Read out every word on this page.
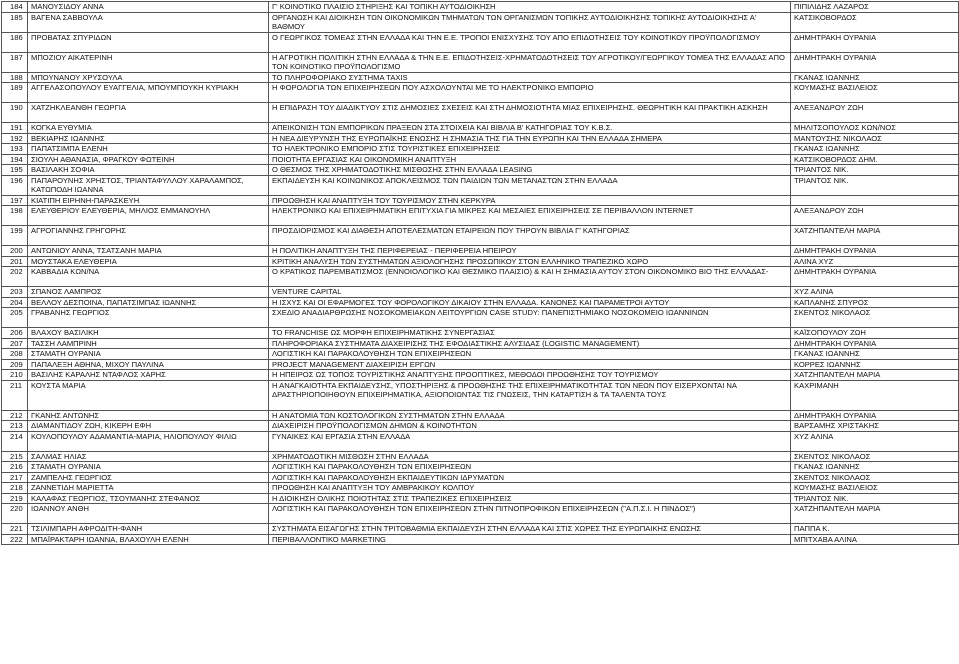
184	ΜΑΝΟΥΣΙΔΟΥ ΑΝΝΑ	Γ' ΚΟΙΝΟΤΙΚΟ ΠΛΑΙΣΙΟ ΣΤΗΡΙΞΗΣ ΚΑΙ ΤΟΠΙΚΗ ΑΥΤΟΔΙΟΙΚΗΣΗ	ΠΙΠΙΛΙΔΗΣ ΛΑΖΑΡΟΣ
185	ΒΑΓΕΝΑ ΣΑΒΒΟΥΛΑ	ΟΡΓΑΝΩΣΗ ΚΑΙ ΔΙΟΙΚΗΣΗ ΤΩΝ ΟΙΚΟΝΟΜΙΚΩΝ ΤΜΗΜΑΤΩΝ ΤΩΝ ΟΡΓΑΝΙΣΜΩΝ ΤΟΠΙΚΗΣ ΑΥΤΟΔΙΟΙΚΗΣΗΣ ΤΟΠΙΚΗΣ ΑΥΤΟΔΙΟΙΚΗΣΗΣ Α' ΒΑΘΜΟΥ	ΚΑΤΣΙΚΟΒΟΡΔΟΣ
186	ΠΡΟΒΑΤΑΣ ΣΠΥΡΙΔΩΝ	Ο ΓΕΩΡΓΙΚΟΣ ΤΟΜΕΑΣ ΣΤΗΝ ΕΛΛΑΔΑ ΚΑΙ ΤΗΝ Ε.Ε. ΤΡΟΠΟΙ ΕΝΙΣΧΥΣΗΣ ΤΟΥ ΑΠΟ ΕΠΙΔΟΤΗΣΕΙΣ ΤΟΥ ΚΟΙΝΟΤΙΚΟΥ ΠΡΟΫΠΟΛΟΓΙΣΜΟΥ	ΔΗΜΗΤΡΑΚΗ ΟΥΡΑΝΙΑ
187	ΜΠΟΖΙΟΥ ΑΙΚΑΤΕΡΙΝΗ	Η ΑΓΡΟΤΙΚΗ ΠΟΛΙΤΙΚΗ ΣΤΗΝ ΕΛΛΑΔΑ & ΤΗΝ Ε.Ε. ΕΠΙΔΟΤΗΣΕΙΣ-ΧΡΗΜΑΤΟΔΟΤΗΣΕΙΣ ΤΟΥ ΑΓΡΟΤΙΚΟΥ/ΓΕΩΡΓΙΚΟΥ ΤΟΜΕΑ ΤΗΣ ΕΛΛΑΔΑΣ ΑΠΟ ΤΟΝ ΚΟΙΝΟΤΙΚΟ ΠΡΟΫΠΟΛΟΓΙΣΜΟ	ΔΗΜΗΤΡΑΚΗ ΟΥΡΑΝΙΑ
188	ΜΠΟΥΝΑΝΟΥ ΧΡΥΣΟΥΛΑ	ΤΟ ΠΛΗΡΟΦΟΡΙΑΚΟ ΣΥΣΤΗΜΑ TAXIS	ΓΚΑΝΑΣ ΙΩΑΝΝΗΣ
189	ΑΓΓΕΛΑΣΟΠΟΥΛΟΥ ΕΥΑΓΓΕΛΙΑ, ΜΠΟΥΜΠΟΥΚΗ ΚΥΡΙΑΚΗ	Η ΦΟΡΟΛΟΓΙΑ ΤΩΝ ΕΠΙΧΕΙΡΗΣΕΩΝ ΠΟΥ ΑΣΧΟΛΟΥΝΤΑΙ ΜΕ ΤΟ ΗΛΕΚΤΡΟΝΙΚΟ ΕΜΠΟΡΙΟ	ΚΟΥΜΑΣΗΣ ΒΑΣΙΛΕΙΟΣ
190	ΧΑΤΖΗΚΛΕΑΝΘΗ ΓΕΩΡΓΙΑ	Η ΕΠΙΔΡΑΣΗ ΤΟΥ ΔΙΑΔΙΚΤΥΟΥ ΣΤΙΣ ΔΗΜΟΣΙΕΣ ΣΧΕΣΕΙΣ ΚΑΙ ΣΤΗ ΔΗΜΟΣΙΟΤΗΤΑ ΜΙΑΣ ΕΠΙΧΕΙΡΗΣΗΣ. ΘΕΩΡΗΤΙΚΗ ΚΑΙ ΠΡΑΚΤΙΚΗ ΑΣΚΗΣΗ	ΑΛΕΞΑΝΔΡΟΥ ΖΩΗ
191	ΚΟΓΚΑ ΕΥΘΥΜΙΑ	ΑΠΕΙΚΟΝΙΣΗ ΤΩΝ ΕΜΠΟΡΙΚΩΝ ΠΡΑΞΕΩΝ ΣΤΑ ΣΤΟΙΧΕΙΑ ΚΑΙ ΒΙΒΛΙΑ Β' ΚΑΤΗΓΟΡΙΑΣ ΤΟΥ Κ.Β.Σ.	ΜΗΛΙΤΣΟΠΟΥΛΟΣ ΚΩΝ/ΝΟΣ
192	ΒΕΚΙΑΡΗΣ ΙΩΑΝΝΗΣ	Η ΝΕΑ ΔΙΕΥΡΥΝΣΗ ΤΗΣ ΕΥΡΩΠΑΪΚΗΣ ΕΝΩΣΗΣ Η ΣΗΜΑΣΙΑ ΤΗΣ ΓΙΑ ΤΗΝ ΕΥΡΩΠΗ ΚΑΙ ΤΗΝ ΕΛΛΑΔΑ ΣΗΜΕΡΑ	ΜΑΝΤΟΥΣΗΣ ΝΙΚΟΛΑΟΣ
193	ΠΑΠΑΤΣΙΜΠΑ ΕΛΕΝΗ	ΤΟ ΗΛΕΚΤΡΟΝΙΚΟ ΕΜΠΟΡΙΟ ΣΤΙΣ ΤΟΥΡΙΣΤΙΚΕΣ ΕΠΙΧΕΙΡΗΣΕΙΣ	ΓΚΑΝΑΣ ΙΩΑΝΝΗΣ
194	ΣΙΟΥΛΗ ΑΘΑΝΑΣΙΑ, ΦΡΑΓΚΟΥ ΦΩΤΕΙΝΗ	ΠΟΙΟΤΗΤΑ ΕΡΓΑΣΙΑΣ ΚΑΙ ΟΙΚΟΝΟΜΙΚΗ ΑΝΑΠΤΥΞΗ	ΚΑΤΣΙΚΟΒΟΡΔΟΣ ΔΗΜ.
195	ΒΑΣΙΛΑΚΗ ΣΟΦΙΑ	Ο ΘΕΣΜΟΣ ΤΗΣ ΧΡΗΜΑΤΟΔΟΤΙΚΗΣ ΜΙΣΘΩΣΗΣ ΣΤΗΝ ΕΛΛΑΔΑ LEASING	ΤΡΙΑΝΤΟΣ ΝΙΚ.
196	ΠΑΠΑΡΟΥΝΗΣ ΧΡΗΣΤΟΣ, ΤΡΙΑΝΤΑΦΥΛΛΟΥ ΧΑΡΑΛΑΜΠΟΣ, ΚΑΤΩΠΟΔΗ ΙΩΑΝΝΑ	ΕΚΠΑΙΔΕΥΣΗ ΚΑΙ ΚΟΙΝΩΝΙΚΟΣ ΑΠΟΚΛΕΙΣΜΟΣ ΤΩΝ ΠΑΙΔΙΩΝ ΤΩΝ ΜΕΤΑΝΑΣΤΩΝ ΣΤΗΝ ΕΛΛΑΔΑ	ΤΡΙΑΝΤΟΣ ΝΙΚ.
197	ΚΙΑΤΙΠΗ ΕΙΡΗΝΗ-ΠΑΡΑΣΚΕΥΗ	ΠΡΟΩΘΗΣΗ ΚΑΙ ΑΝΑΠΤΥΞΗ ΤΟΥ ΤΟΥΡΙΣΜΟΥ ΣΤΗΝ ΚΕΡΚΥΡΑ	
198	ΕΛΕΥΘΕΡΙΟΥ ΕΛΕΥΘΕΡΙΑ, ΜΗΛΙΟΣ ΕΜΜΑΝΟΥΗΛ	ΗΛΕΚΤΡΟΝΙΚΟ ΚΑΙ ΕΠΙΧΕΙΡΗΜΑΤΙΚΗ ΕΠΙΤΥΧΙΑ ΓΙΑ ΜΙΚΡΕΣ ΚΑΙ ΜΕΣΑΙΕΣ ΕΠΙΧΕΙΡΗΣΕΙΣ ΣΕ ΠΕΡΙΒΑΛΛΟΝ INTERNET	ΑΛΕΞΑΝΔΡΟΥ ΖΩΗ
199	ΑΓΡΟΓΙΑΝΝΗΣ ΓΡΗΓΟΡΗΣ	ΠΡΟΣΔΙΟΡΙΣΜΟΣ ΚΑΙ ΔΙΑΘΕΣΗ ΑΠΟΤΕΛΕΣΜΑΤΩΝ ΕΤΑΙΡΕΙΩΝ ΠΟΥ ΤΗΡΟΥΝ ΒΙΒΛΙΑ Γ' ΚΑΤΗΓΟΡΙΑΣ	ΧΑΤΖΗΠΑΝΤΕΛΗ ΜΑΡΙΑ
200	ΑΝΤΩΝΙΟΥ ΑΝΝΑ, ΤΣΑΤΣΑΝΗ ΜΑΡΙΑ	Η ΠΟΛΙΤΙΚΗ ΑΝΑΠΤΥΞΗ ΤΗΣ ΠΕΡΙΦΕΡΕΙΑΣ - ΠΕΡΙΦΕΡΕΙΑ ΗΠΕΙΡΟΥ	ΔΗΜΗΤΡΑΚΗ ΟΥΡΑΝΙΑ
201	ΜΟΥΣΤΑΚΑ ΕΛΕΥΘΕΡΙΑ	ΚΡΙΤΙΚΗ ΑΝΑΛΥΣΗ ΤΩΝ ΣΥΣΤΗΜΑΤΩΝ ΑΞΙΟΛΟΓΗΣΗΣ ΠΡΟΣΩΠΙΚΟΥ ΣΤΟΝ ΕΛΛΗΝΙΚΟ ΤΡΑΠΕΖΙΚΟ ΧΩΡΟ	ΑΛΙΝΑ ΧΥΖ
202	ΚΑΒΒΑΔΙΑ ΚΩΝ/ΝΑ	Ο ΚΡΑΤΙΚΟΣ ΠΑΡΕΜΒΑΤΙΣΜΟΣ (ΕΝΝΟΙΟΛΟΓΙΚΟ ΚΑΙ ΘΕΣΜΙΚΟ ΠΛΑΙΣΙΟ) & ΚΑΙ Η ΣΗΜΑΣΙΑ ΑΥΤΟΥ ΣΤΟΝ ΟΙΚΟΝΟΜΙΚΟ ΒΙΟ ΤΗΣ ΕΛΛΑΔΑΣ-	ΔΗΜΗΤΡΑΚΗ ΟΥΡΑΝΙΑ
203	ΣΠΑΝΟΣ ΛΑΜΠΡΟΣ	VENTURE CAPITAL	ΧΥΖ ΑΛΙΝΑ
204	ΒΕΛΛΟΥ ΔΕΣΠΟΙΝΑ, ΠΑΠΑΤΣΙΜΠΑΣ ΙΩΑΝΝΗΣ	Η ΙΣΧΥΣ ΚΑΙ ΟΙ ΕΦΑΡΜΟΓΕΣ ΤΟΥ ΦΟΡΟΛΟΓΙΚΟΥ ΔΙΚΑΙΟΥ ΣΤΗΝ ΕΛΛΑΔΑ. ΚΑΝΟΝΕΣ ΚΑΙ ΠΑΡΑΜΕΤΡΟΙ ΑΥΤΟΥ	ΚΑΠΛΑΝΗΣ ΣΠΥΡΟΣ
205	ΓΡΑΒΑΝΗΣ ΓΕΩΡΓΙΟΣ	ΣΧΕΔΙΟ ΑΝΑΔΙΑΡΘΡΩΣΗΣ ΝΟΣΟΚΟΜΕΙΑΚΩΝ ΛΕΙΤΟΥΡΓΙΩΝ CASE STUDY: ΠΑΝΕΠΙΣΤΗΜΙΑΚΟ ΝΟΣΟΚΟΜΕΙΟ ΙΩΑΝΝΙΝΩΝ	ΣΚΕΝΤΟΣ ΝΙΚΟΛΑΟΣ
206	ΒΛΑΧΟΥ ΒΑΣΙΛΙΚΗ	ΤΟ FRANCHISE ΩΣ ΜΟΡΦΗ ΕΠΙΧΕΙΡΗΜΑΤΙΚΗΣ ΣΥΝΕΡΓΑΣΙΑΣ	ΚΑΪΣΟΠΟΥΛΟΥ ΖΩΗ
207	ΤΑΣΣΗ ΛΑΜΠΡΙΝΗ	ΠΛΗΡΟΦΟΡΙΑΚΑ ΣΥΣΤΗΜΑΤΑ ΔΙΑΧΕΙΡΙΣΗΣ ΤΗΣ ΕΦΟΔΙΑΣΤΙΚΗΣ ΑΛΥΣΙΔΑΣ (LOGISTIC MANAGEMENT)	ΔΗΜΗΤΡΑΚΗ ΟΥΡΑΝΙΑ
208	ΣΤΑΜΑΤΗ ΟΥΡΑΝΙΑ	ΛΟΓΙΣΤΙΚΗ ΚΑΙ ΠΑΡΑΚΟΛΟΥΘΗΣΗ ΤΩΝ ΕΠΙΧΕΙΡΗΣΕΩΝ	ΓΚΑΝΑΣ ΙΩΑΝΝΗΣ
209	ΠΑΠΑΛΕΞΗ ΑΘΗΝΑ, ΜΙΧΟΥ ΠΑΥΛΙΝΑ	PROJECT MANAGEMENT ΔΙΑΧΕΙΡΙΣΗ ΕΡΓΩΝ	ΚΟΡΡΕΣ ΙΩΑΝΝΗΣ
210	ΒΑΣΙΛΗΣ ΚΑΡΑΛΗΣ ΝΤΑΦΛΟΣ ΧΑΡΗΣ	Η ΗΠΕΙΡΟΣ ΩΣ ΤΟΠΟΣ ΤΟΥΡΙΣΤΙΚΗΣ ΑΝΑΠΤΥΞΗΣ ΠΡΟΟΠΤΙΚΕΣ, ΜΕΘΟΔΟΙ ΠΡΟΩΘΗΣΗΣ ΤΟΥ ΤΟΥΡΙΣΜΟΥ	ΧΑΤΖΗΠΑΝΤΕΛΗ ΜΑΡΙΑ
211	ΚΟΥΣΤΑ ΜΑΡΙΑ	Η ΑΝΑΓΚΑΙΟΤΗΤΑ ΕΚΠΑΙΔΕΥΣΗΣ, ΥΠΟΣΤΗΡΙΞΗΣ & ΠΡΟΩΘΗΣΗΣ ΤΗΣ ΕΠΙΧΕΙΡΗΜΑΤΙΚΟΤΗΤΑΣ ΤΩΝ ΝΕΩΝ ΠΟΥ ΕΙΣΕΡΧΟΝΤΑΙ ΝΑ ΔΡΑΣΤΗΡΙΟΠΟΙΗΘΟΥΝ ΕΠΙΧΕΙΡΗΜΑΤΙΚΑ, ΑΞΙΟΠΟΙΩΝΤΑΣ ΤΙΣ ΓΝΩΣΕΙΣ, ΤΗΝ ΚΑΤΑΡΤΙΣΗ & ΤΑ ΤΑΛΕΝΤΑ ΤΟΥΣ	ΚΑΧΡΙΜΑΝΗ
212	ΓΚΑΝΗΣ ΑΝΤΩΝΗΣ	Η ΑΝΑΤΟΜΙΑ ΤΩΝ ΚΟΣΤΟΛΟΓΙΚΩΝ ΣΥΣΤΗΜΑΤΩΝ ΣΤΗΝ ΕΛΛΑΔΑ	ΔΗΜΗΤΡΑΚΗ ΟΥΡΑΝΙΑ
213	ΔΙΑΜΑΝΤΙΔΟΥ ΖΩΗ, ΚΙΚΕΡΗ ΕΦΗ	ΔΙΑΧΕΙΡΙΣΗ ΠΡΟΫΠΟΛΟΓΙΣΜΩΝ ΔΗΜΩΝ & ΚΟΙΝΟΤΗΤΩΝ	ΒΑΡΣΑΜΗΣ ΧΡΙΣΤΑΚΗΣ
214	ΚΟΥΛΟΠΟΥΛΟΥ ΑΔΑΜΑΝΤΙΑ-ΜΑΡΙΑ, ΗΛΙΟΠΟΥΛΟΥ ΦΙΛΙΩ	ΓΥΝΑΙΚΕΣ ΚΑΙ ΕΡΓΑΣΙΑ ΣΤΗΝ ΕΛΛΑΔΑ	ΧΥΖ ΑΛΙΝΑ
215	ΣΑΛΜΑΣ ΗΛΙΑΣ	ΧΡΗΜΑΤΟΔΟΤΙΚΗ ΜΙΣΘΩΣΗ ΣΤΗΝ ΕΛΛΑΔΑ	ΣΚΕΝΤΟΣ ΝΙΚΟΛΑΟΣ
216	ΣΤΑΜΑΤΗ ΟΥΡΑΝΙΑ	ΛΟΓΙΣΤΙΚΗ ΚΑΙ ΠΑΡΑΚΟΛΟΥΘΗΣΗ ΤΩΝ ΕΠΙΧΕΙΡΗΣΕΩΝ	ΓΚΑΝΑΣ ΙΩΑΝΝΗΣ
217	ΖΑΜΠΕΛΗΣ ΓΕΩΡΓΙΟΣ	ΛΟΓΙΣΤΙΚΗ ΚΑΙ ΠΑΡΑΚΟΛΟΥΘΗΣΗ ΕΚΠΑΙΔΕΥΤΙΚΩΝ ΙΔΡΥΜΑΤΩΝ	ΣΚΕΝΤΟΣ ΝΙΚΟΛΑΟΣ
218	ΖΑΝΝΕΤΙΔΗ ΜΑΡΙΕΤΤΑ	ΠΡΟΩΘΗΣΗ ΚΑΙ ΑΝΑΠΤΥΞΗ ΤΟΥ ΑΜΒΡΑΚΙΚΟΥ ΚΟΛΠΟΥ	ΚΟΥΜΑΣΗΣ ΒΑΣΙΛΕΙΟΣ
219	ΚΑΛΑΦΑΣ ΓΕΩΡΓΙΟΣ, ΤΣΟΥΜΑΝΗΣ ΣΤΕΦΑΝΟΣ	Η ΔΙΟΙΚΗΣΗ ΟΛΙΚΗΣ ΠΟΙΟΤΗΤΑΣ ΣΤΙΣ ΤΡΑΠΕΖΙΚΕΣ ΕΠΙΧΕΙΡΗΣΕΙΣ	ΤΡΙΑΝΤΟΣ ΝΙΚ.
220	ΙΩΑΝΝΟΥ ΑΝΘΗ	ΛΟΓΙΣΤΙΚΗ ΚΑΙ ΠΑΡΑΚΟΛΟΥΘΗΣΗ ΤΩΝ ΕΠΙΧΕΙΡΗΣΕΩΝ ΣΤΗΝ ΠΙΤΝΟΠΡΟΦΙΚΩΝ ΕΠΙΧΕΙΡΗΣΕΩΝ ("Α.Π.Σ.Ι. Η ΠΙΝΔΟΣ")	ΧΑΤΖΗΠΑΝΤΕΛΗ ΜΑΡΙΑ
221	ΤΣΙΛΙΜΠΑΡΗ ΑΦΡΟΔΙΤΗ-ΦΑΝΗ	ΣΥΣΤΗΜΑΤΑ ΕΙΣΑΓΩΓΗΣ ΣΤΗΝ ΤΡΙΤΟΒΑΘΜΙΑ ΕΚΠΑΙΔΕΥΣΗ ΣΤΗΝ ΕΛΛΑΔΑ ΚΑΙ ΣΤΙΣ ΧΩΡΕΣ ΤΗΣ ΕΥΡΩΠΑΙΚΗΣ ΕΝΩΣΗΣ	ΠΑΠΠΑ Κ.
222	ΜΠΑΪΡΑΚΤΑΡΗ ΙΩΑΝΝΑ, ΒΛΑΧΟΥΛΗ ΕΛΕΝΗ	ΠΕΡΙΒΑΛΛΟΝΤΙΚΟ MARKETING	ΜΠΙΤΧΑΒΑ ΑΛΙΝΑ
